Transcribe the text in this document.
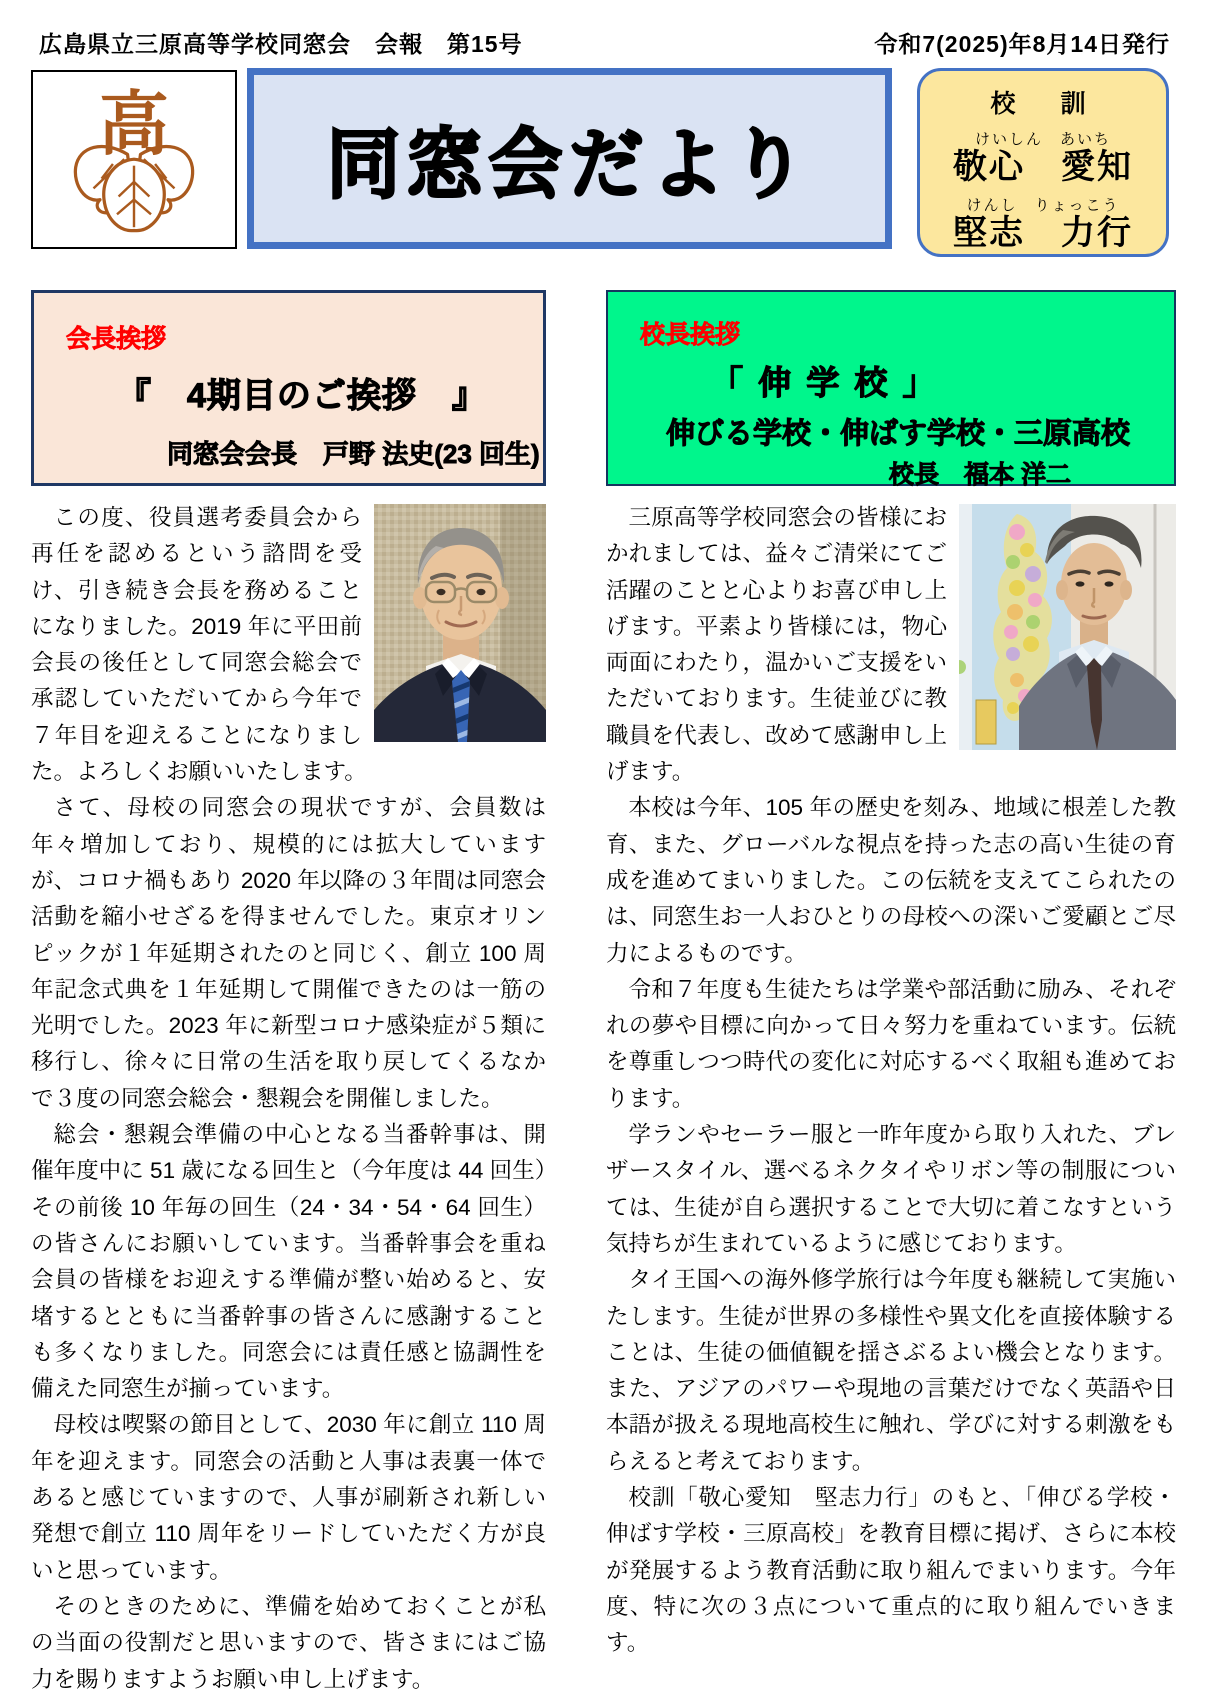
広島県立三原高等学校同窓会　会報　第15号	令和7(2025)年8月14日発行
高 同窓会だより
校　訓
けいしん　あいち
敬心　愛知
けんし　りょっこう
堅志　力行
会長挨拶
『　4期目のご挨拶　』
同窓会会長　戸野 法史(23 回生)

この度、役員選考委員会から再任を認めるという諮問を受け、引き続き会長を務めることになりました。2019 年に平田前会長の後任として同窓会総会で承認していただいてから今年で７年目を迎えることになりました。よろしくお願いいたします。

さて、母校の同窓会の現状ですが、会員数は年々増加しており、規模的には拡大していますが、コロナ禍もあり 2020 年以降の３年間は同窓会活動を縮小せざるを得ませんでした。東京オリンピックが１年延期されたのと同じく、創立 100 周年記念式典を１年延期して開催できたのは一筋の光明でした。2023 年に新型コロナ感染症が５類に移行し、徐々に日常の生活を取り戻してくるなかで３度の同窓会総会・懇親会を開催しました。

総会・懇親会準備の中心となる当番幹事は、開催年度中に 51 歳になる回生と（今年度は 44 回生）その前後 10 年毎の回生（24・34・54・64 回生）の皆さんにお願いしています。当番幹事会を重ね会員の皆様をお迎えする準備が整い始めると、安堵するとともに当番幹事の皆さんに感謝することも多くなりました。同窓会には責任感と協調性を備えた同窓生が揃っています。

母校は喫緊の節目として、2030 年に創立 110 周年を迎えます。同窓会の活動と人事は表裏一体であると感じていますので、人事が刷新され新しい発想で創立 110 周年をリードしていただく方が良いと思っています。

そのときのために、準備を始めておくことが私の当面の役割だと思いますので、皆さまにはご協力を賜りますようお願い申し上げます。

校長挨拶
「 伸 学 校 」
伸びる学校・伸ばす学校・三原高校
校長　福本 洋二

三原高等学校同窓会の皆様におかれましては、益々ご清栄にてご活躍のことと心よりお喜び申し上げます。平素より皆様には，物心両面にわたり，温かいご支援をいただいております。生徒並びに教職員を代表し、改めて感謝申し上げます。

本校は今年、105 年の歴史を刻み、地域に根差した教育、また、グローバルな視点を持った志の高い生徒の育成を進めてまいりました。この伝統を支えてこられたのは、同窓生お一人おひとりの母校への深いご愛顧とご尽力によるものです。

令和７年度も生徒たちは学業や部活動に励み、それぞれの夢や目標に向かって日々努力を重ねています。伝統を尊重しつつ時代の変化に対応するべく取組も進めております。

学ランやセーラー服と一昨年度から取り入れた、ブレザースタイル、選べるネクタイやリボン等の制服については、生徒が自ら選択することで大切に着こなすという気持ちが生まれているように感じております。

タイ王国への海外修学旅行は今年度も継続して実施いたします。生徒が世界の多様性や異文化を直接体験することは、生徒の価値観を揺さぶるよい機会となります。また、アジアのパワーや現地の言葉だけでなく英語や日本語が扱える現地高校生に触れ、学びに対する刺激をもらえると考えております。

校訓「敬心愛知　堅志力行」のもと、「伸びる学校・伸ばす学校・三原高校」を教育目標に掲げ、さらに本校が発展するよう教育活動に取り組んでまいります。今年度、特に次の３点について重点的に取り組んでいきます。
